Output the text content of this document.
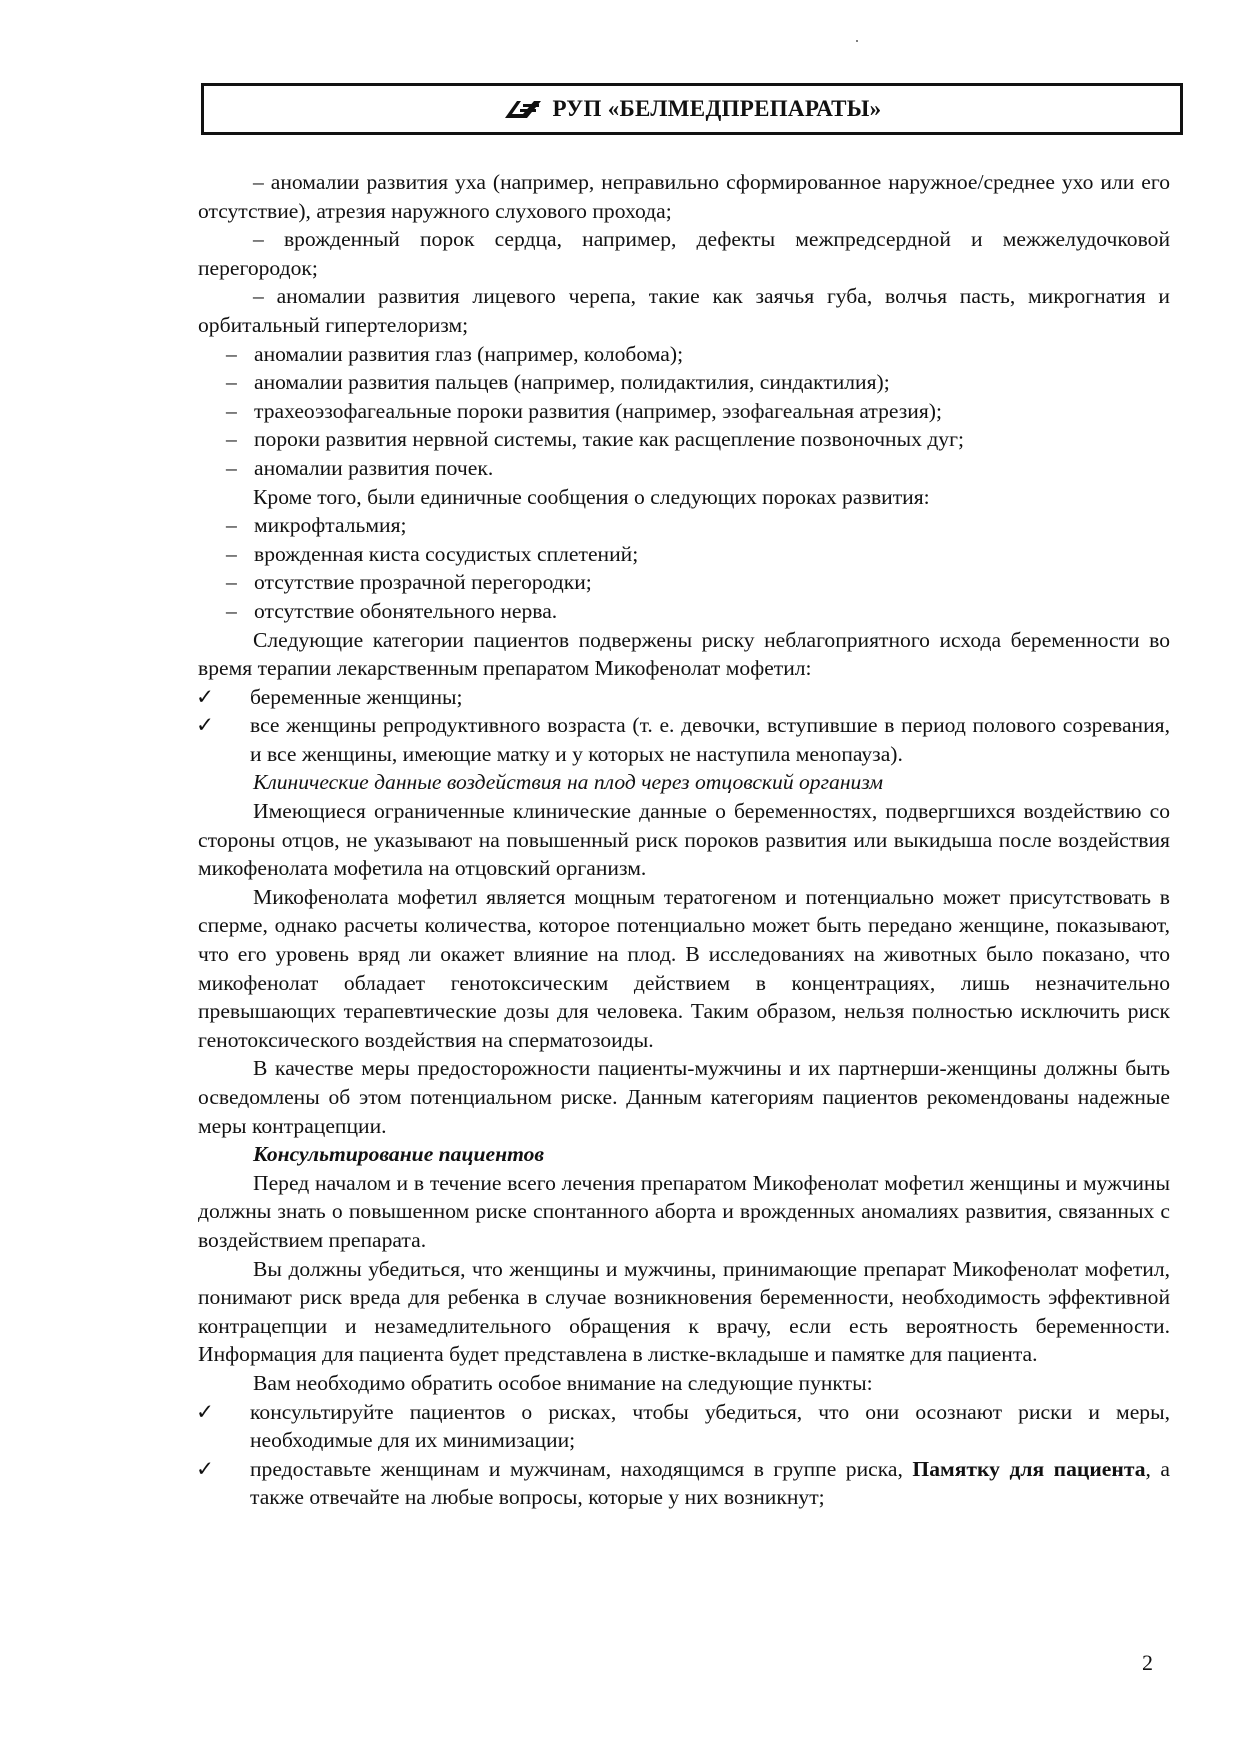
РУП «БЕЛМЕДПРЕПАРАТЫ»

– аномалии развития уха (например, неправильно сформированное наружное/среднее ухо или его отсутствие), атрезия наружного слухового прохода;

– врожденный порок сердца, например, дефекты межпредсердной и межжелудочковой перегородок;

– аномалии развития лицевого черепа, такие как заячья губа, волчья пасть, микрогнатия и орбитальный гипертелоризм;

– аномалии развития глаз (например, колобома);

– аномалии развития пальцев (например, полидактилия, синдактилия);

– трахеоэзофагеальные пороки развития (например, эзофагеальная атрезия);

– пороки развития нервной системы, такие как расщепление позвоночных дуг;

– аномалии развития почек.

Кроме того, были единичные сообщения о следующих пороках развития:

– микрофтальмия;

– врожденная киста сосудистых сплетений;

– отсутствие прозрачной перегородки;

– отсутствие обонятельного нерва.

Следующие категории пациентов подвержены риску неблагоприятного исхода беременности во время терапии лекарственным препаратом Микофенолат мофетил:

✓ беременные женщины;

✓ все женщины репродуктивного возраста (т. е. девочки, вступившие в период полового созревания, и все женщины, имеющие матку и у которых не наступила менопауза).

Клинические данные воздействия на плод через отцовский организм

Имеющиеся ограниченные клинические данные о беременностях, подвергшихся воздействию со стороны отцов, не указывают на повышенный риск пороков развития или выкидыша после воздействия микофенолата мофетила на отцовский организм.

Микофенолата мофетил является мощным тератогеном и потенциально может присутствовать в сперме, однако расчеты количества, которое потенциально может быть передано женщине, показывают, что его уровень вряд ли окажет влияние на плод. В исследованиях на животных было показано, что микофенолат обладает генотоксическим действием в концентрациях, лишь незначительно превышающих терапевтические дозы для человека. Таким образом, нельзя полностью исключить риск генотоксического воздействия на сперматозоиды.

В качестве меры предосторожности пациенты-мужчины и их партнерши-женщины должны быть осведомлены об этом потенциальном риске. Данным категориям пациентов рекомендованы надежные меры контрацепции.

Консультирование пациентов

Перед началом и в течение всего лечения препаратом Микофенолат мофетил женщины и мужчины должны знать о повышенном риске спонтанного аборта и врожденных аномалиях развития, связанных с воздействием препарата.

Вы должны убедиться, что женщины и мужчины, принимающие препарат Микофенолат мофетил, понимают риск вреда для ребенка в случае возникновения беременности, необходимость эффективной контрацепции и незамедлительного обращения к врачу, если есть вероятность беременности. Информация для пациента будет представлена в листке-вкладыше и памятке для пациента.

Вам необходимо обратить особое внимание на следующие пункты:

✓ консультируйте пациентов о рисках, чтобы убедиться, что они осознают риски и меры, необходимые для их минимизации;

✓ предоставьте женщинам и мужчинам, находящимся в группе риска, Памятку для пациента, а также отвечайте на любые вопросы, которые у них возникнут;

2
